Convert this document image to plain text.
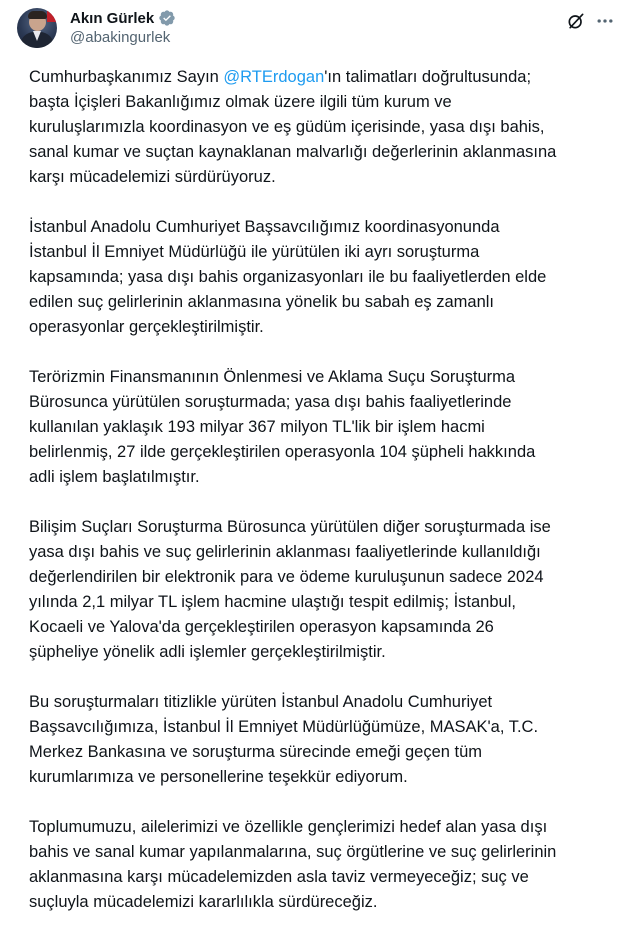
Akın Gürlek
@abakingurlek

Cumhurbaşkanımız Sayın @RTErdogan'ın talimatları doğrultusunda;
başta İçişleri Bakanlığımız olmak üzere ilgili tüm kurum ve
kuruluşlarımızla koordinasyon ve eş güdüm içerisinde, yasa dışı bahis,
sanal kumar ve suçtan kaynaklanan malvarlığı değerlerinin aklanmasına
karşı mücadelemizi sürdürüyoruz.

İstanbul Anadolu Cumhuriyet Başsavcılığımız koordinasyonunda
İstanbul İl Emniyet Müdürlüğü ile yürütülen iki ayrı soruşturma
kapsamında; yasa dışı bahis organizasyonları ile bu faaliyetlerden elde
edilen suç gelirlerinin aklanmasına yönelik bu sabah eş zamanlı
operasyonlar gerçekleştirilmiştir.

Terörizmin Finansmanının Önlenmesi ve Aklama Suçu Soruşturma
Bürosunca yürütülen soruşturmada; yasa dışı bahis faaliyetlerinde
kullanılan yaklaşık 193 milyar 367 milyon TL'lik bir işlem hacmi
belirlenmiş, 27 ilde gerçekleştirilen operasyonla 104 şüpheli hakkında
adli işlem başlatılmıştır.

Bilişim Suçları Soruşturma Bürosunca yürütülen diğer soruşturmada ise
yasa dışı bahis ve suç gelirlerinin aklanması faaliyetlerinde kullanıldığı
değerlendirilen bir elektronik para ve ödeme kuruluşunun sadece 2024
yılında 2,1 milyar TL işlem hacmine ulaştığı tespit edilmiş; İstanbul,
Kocaeli ve Yalova'da gerçekleştirilen operasyon kapsamında 26
şüpheliye yönelik adli işlemler gerçekleştirilmiştir.

Bu soruşturmaları titizlikle yürüten İstanbul Anadolu Cumhuriyet
Başsavcılığımıza, İstanbul İl Emniyet Müdürlüğümüze, MASAK'a, T.C.
Merkez Bankasına ve soruşturma sürecinde emeği geçen tüm
kurumlarımıza ve personellerine teşekkür ediyorum.

Toplumumuzu, ailelerimizi ve özellikle gençlerimizi hedef alan yasa dışı
bahis ve sanal kumar yapılanmalarına, suç örgütlerine ve suç gelirlerinin
aklanmasına karşı mücadelemizden asla taviz vermeyeceğiz; suç ve
suçluyla mücadelemizi kararlılıkla sürdüreceğiz.
